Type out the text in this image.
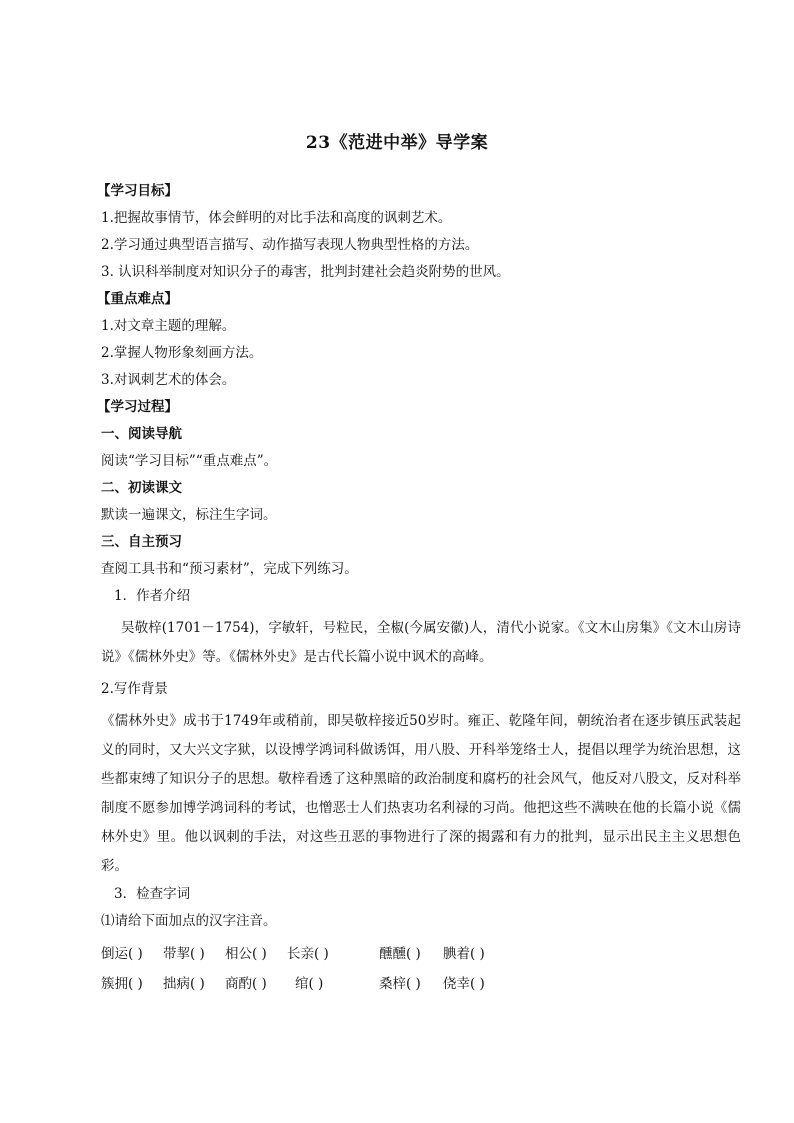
23《范进中举》导学案
【学习目标】
1.把握故事情节，体会鲜明的对比手法和高度的讽刺艺术。
2.学习通过典型语言描写、动作描写表现人物典型性格的方法。
3. 认识科举制度对知识分子的毒害，批判封建社会趋炎附势的世风。
【重点难点】
1.对文章主题的理解。
2.掌握人物形象刻画方法。
3.对讽刺艺术的体会。
【学习过程】
一、阅读导航
阅读“学习目标”“重点难点”。
二、初读课文
默读一遍课文，标注生字词。
三、自主预习
查阅工具书和“预习素材”，完成下列练习。
1．作者介绍

吴敬梓(1701－1754)，字敏轩，号粒民，全椒(今属安徽)人，清代小说家。《文木山房集》《文木山房诗说》《儒林外史》等。《儒林外史》是古代长篇小说中讽术的高峰。

2.写作背景

《儒林外史》成书于1749年或稍前，即吴敬梓接近50岁时。雍正、乾隆年间，朝统治者在逐步镇压武装起义的同时，又大兴文字狱，以设博学鸿词科做诱饵，用八股、开科举笼络士人，提倡以理学为统治思想，这些都束缚了知识分子的思想。敬梓看透了这种黑暗的政治制度和腐朽的社会风气，他反对八股文，反对科举制度不愿参加博学鸿词科的考试，也憎恶士人们热衷功名利禄的习尚。他把这些不满映在他的长篇小说《儒林外史》里。他以讽刺的手法，对这些丑恶的事物进行了深的揭露和有力的批判，显示出民主主义思想色彩。

3．检查字词
⑴请给下面加点的汉字注音。
倒运( ) 带挈( ) 相公( ) 长亲( )	醺醺( ) 腆着( )
簇拥( ) 拙病( ) 商酌( ) 绾( )	桑梓( ) 侥幸( )
